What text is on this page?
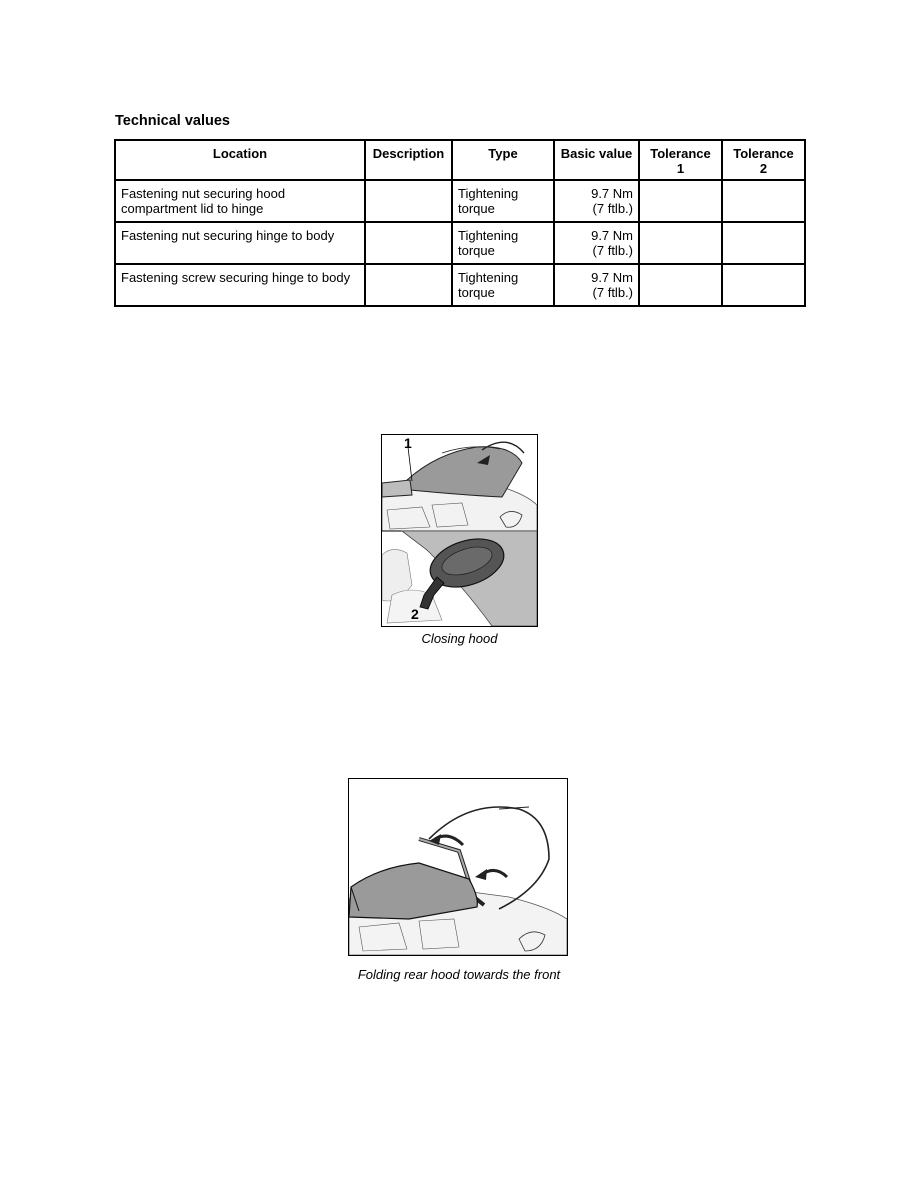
Technical values
Location	Description	Type	Basic value	Tolerance 1	Tolerance 2
Fastening nut securing hood compartment lid to hinge		Tightening torque	9.7 Nm
(7 ftlb.)		
Fastening nut securing hinge to body		Tightening torque	9.7 Nm
(7 ftlb.)		
Fastening screw securing hinge to body		Tightening torque	9.7 Nm
(7 ftlb.)		
1
2
Closing hood
Folding rear hood towards the front
